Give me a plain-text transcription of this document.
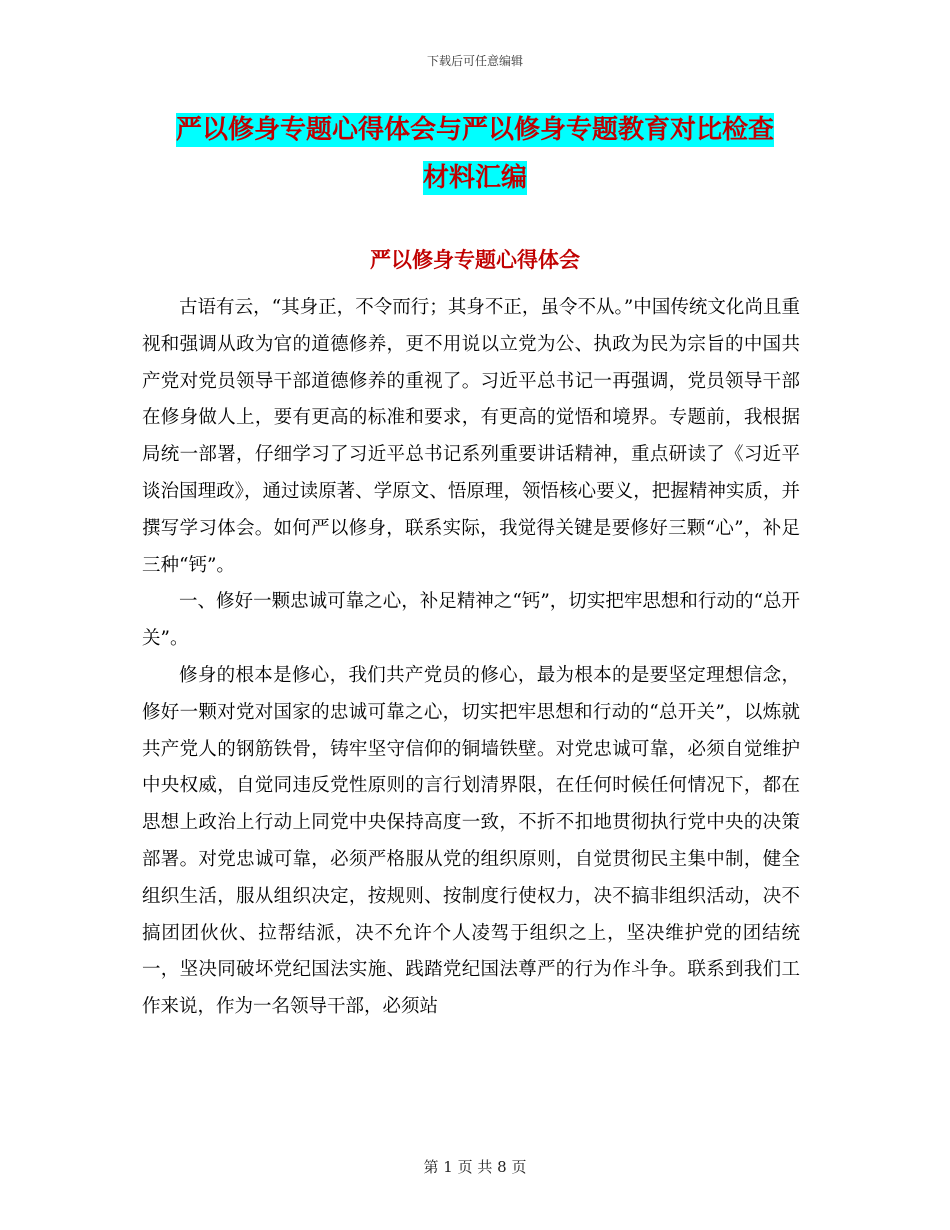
下载后可任意编辑
严以修身专题心得体会与严以修身专题教育对比检查
材料汇编
严以修身专题心得体会

古语有云，“其身正，不令而行；其身不正，虽令不从。”中国传统文化尚且重视和强调从政为官的道德修养，更不用说以立党为公、执政为民为宗旨的中国共产党对党员领导干部道德修养的重视了。习近平总书记一再强调，党员领导干部在修身做人上，要有更高的标准和要求，有更高的觉悟和境界。专题前，我根据局统一部署，仔细学习了习近平总书记系列重要讲话精神，重点研读了《习近平谈治国理政》，通过读原著、学原文、悟原理，领悟核心要义，把握精神实质，并撰写学习体会。如何严以修身，联系实际，我觉得关键是要修好三颗“心”，补足三种“钙”。

一、修好一颗忠诚可靠之心，补足精神之“钙”，切实把牢思想和行动的“总开关”。

修身的根本是修心，我们共产党员的修心，最为根本的是要坚定理想信念，修好一颗对党对国家的忠诚可靠之心，切实把牢思想和行动的“总开关”，以炼就共产党人的钢筋铁骨，铸牢坚守信仰的铜墙铁壁。对党忠诚可靠，必须自觉维护中央权威，自觉同违反党性原则的言行划清界限，在任何时候任何情况下，都在思想上政治上行动上同党中央保持高度一致，不折不扣地贯彻执行党中央的决策部署。对党忠诚可靠，必须严格服从党的组织原则，自觉贯彻民主集中制，健全组织生活，服从组织决定，按规则、按制度行使权力，决不搞非组织活动，决不搞团团伙伙、拉帮结派，决不允许个人凌驾于组织之上，坚决维护党的团结统一，坚决同破坏党纪国法实施、践踏党纪国法尊严的行为作斗争。联系到我们工作来说，作为一名领导干部，必须站

第 1 页 共 8 页
